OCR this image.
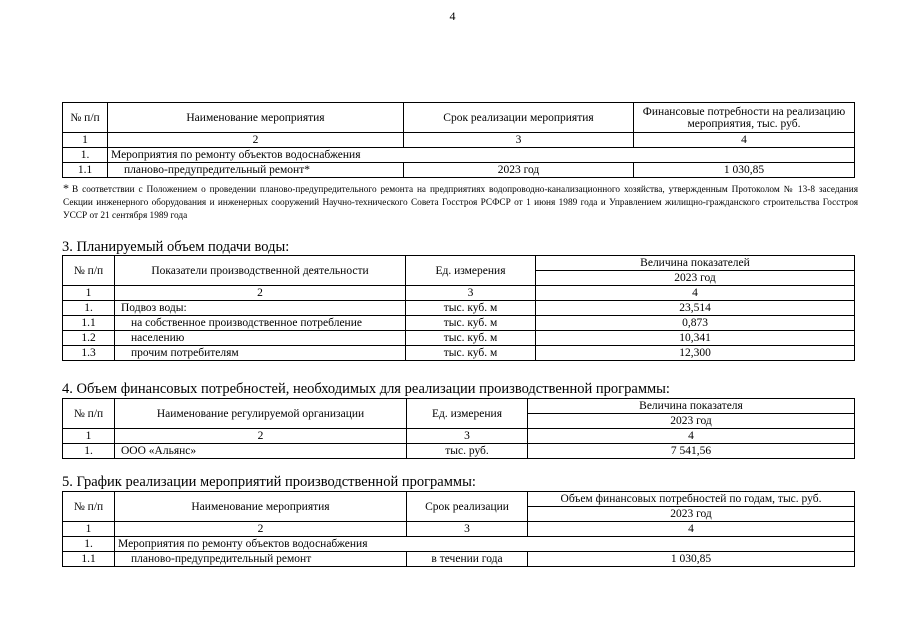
4
№ п/п	Наименование мероприятия	Срок реализации мероприятия	Финансовые потребности на реализацию мероприятия, тыс. руб.
1	2	3	4
1.	Мероприятия по ремонту объектов водоснабжения		
1.1	планово-предупредительный ремонт*	2023 год	1 030,85
* В соответствии с Положением о проведении планово-предупредительного ремонта на предприятиях водопроводно-канализационного хозяйства, утвержденным Протоколом № 13-8 заседания Секции инженерного оборудования и инженерных сооружений Научно-технического Совета Госстроя РСФСР от 1 июня 1989 года и Управлением жилищно-гражданского строительства Госстроя УССР от 21 сентября 1989 года
3. Планируемый объем подачи воды:
№ п/п	Показатели производственной деятельности	Ед. измерения	Величина показателей
			2023 год
1	2	3	4
1.	Подвоз воды:	тыс. куб. м	23,514
1.1	на собственное производственное потребление	тыс. куб. м	0,873
1.2	населению	тыс. куб. м	10,341
1.3	прочим потребителям	тыс. куб. м	12,300
4. Объем финансовых потребностей, необходимых для реализации производственной программы:
№ п/п	Наименование регулируемой организации	Ед. измерения	Величина показателя
			2023 год
1	2	3	4
1.	ООО «Альянс»	тыс. руб.	7 541,56
5. График реализации мероприятий производственной программы:
№ п/п	Наименование мероприятия	Срок реализации	Объем финансовых потребностей по годам, тыс. руб.
			2023 год
1	2	3	4
1.	Мероприятия по ремонту объектов водоснабжения		
1.1	планово-предупредительный ремонт	в течении года	1 030,85
